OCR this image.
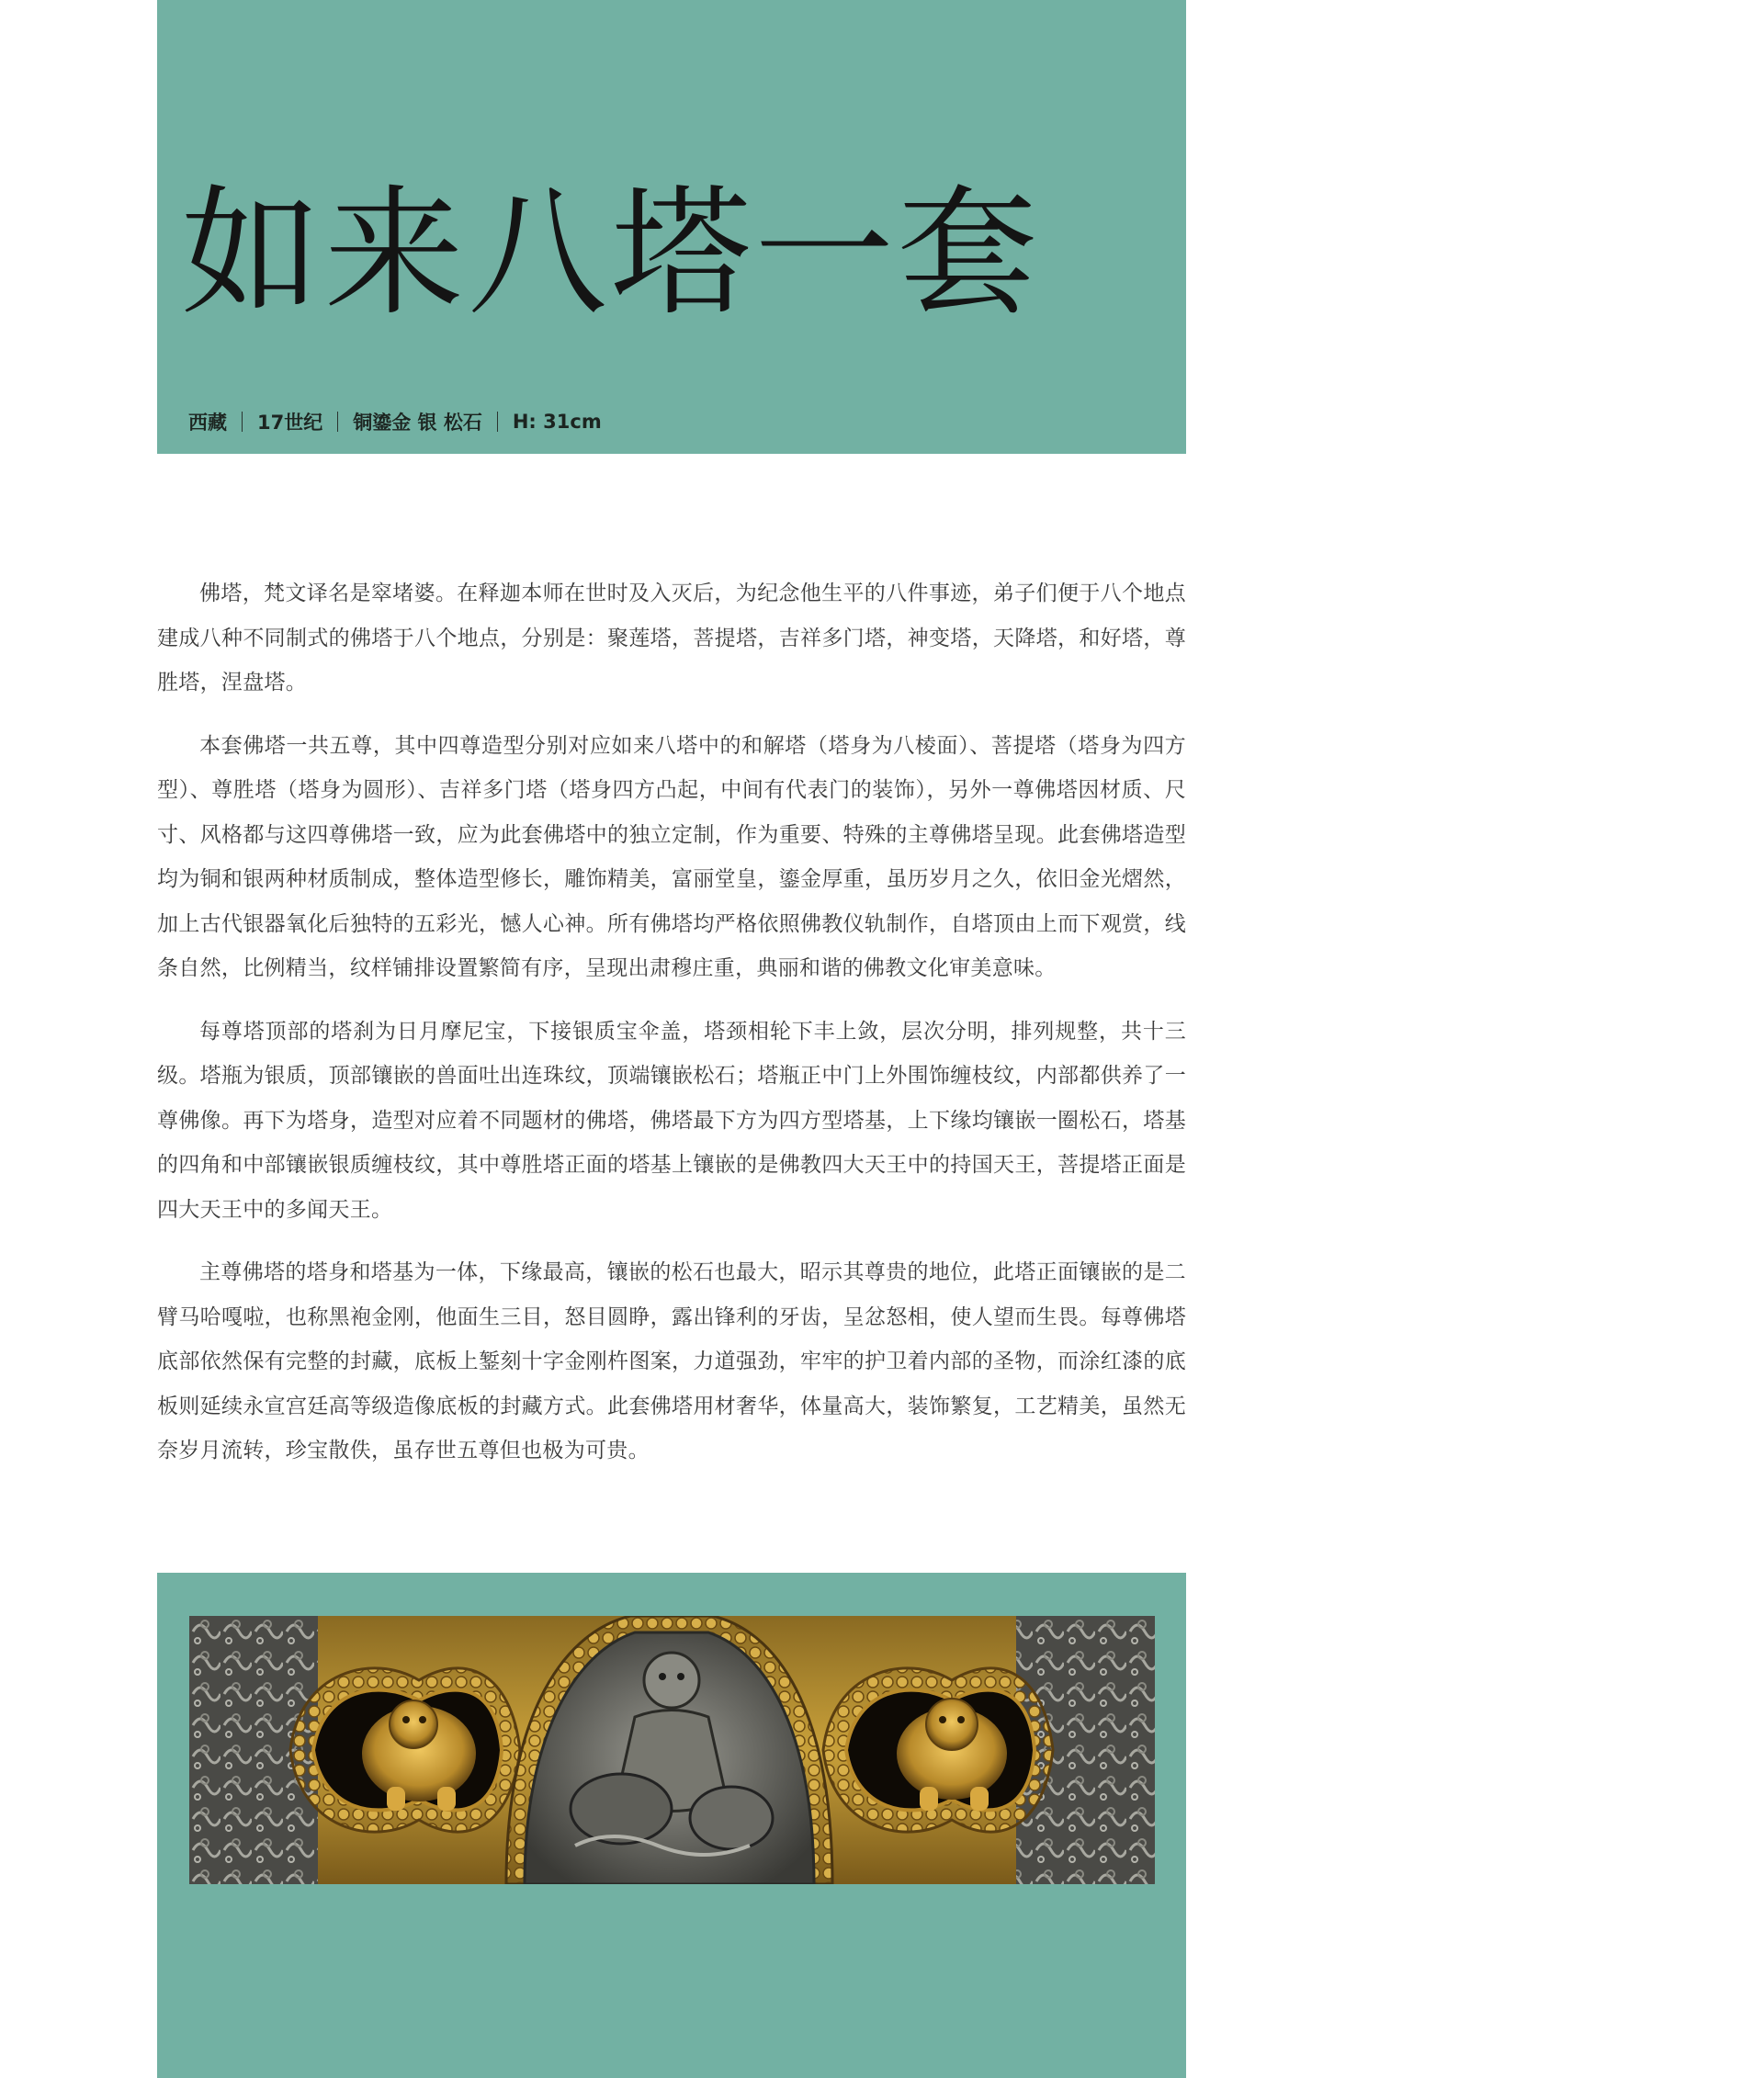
如来八塔一套
西藏 17世纪 铜鎏金 银 松石 H: 31cm

佛塔，梵文译名是窣堵婆。在释迦本师在世时及入灭后，为纪念他生平的八件事迹，弟子们便于八个地点建成八种不同制式的佛塔于八个地点，分别是：聚莲塔，菩提塔，吉祥多门塔，神变塔，天降塔，和好塔，尊胜塔，涅盘塔。

本套佛塔一共五尊，其中四尊造型分别对应如来八塔中的和解塔（塔身为八棱面）、菩提塔（塔身为四方型）、尊胜塔（塔身为圆形）、吉祥多门塔（塔身四方凸起，中间有代表门的装饰），另外一尊佛塔因材质、尺寸、风格都与这四尊佛塔一致，应为此套佛塔中的独立定制，作为重要、特殊的主尊佛塔呈现。此套佛塔造型均为铜和银两种材质制成，整体造型修长，雕饰精美，富丽堂皇，鎏金厚重，虽历岁月之久，依旧金光熠然，加上古代银器氧化后独特的五彩光，憾人心神。所有佛塔均严格依照佛教仪轨制作，自塔顶由上而下观赏，线条自然，比例精当，纹样铺排设置繁简有序，呈现出肃穆庄重，典丽和谐的佛教文化审美意味。

每尊塔顶部的塔刹为日月摩尼宝，下接银质宝伞盖，塔颈相轮下丰上敛，层次分明，排列规整，共十三级。塔瓶为银质，顶部镶嵌的兽面吐出连珠纹，顶端镶嵌松石；塔瓶正中门上外围饰缠枝纹，内部都供养了一尊佛像。再下为塔身，造型对应着不同题材的佛塔，佛塔最下方为四方型塔基，上下缘均镶嵌一圈松石，塔基的四角和中部镶嵌银质缠枝纹，其中尊胜塔正面的塔基上镶嵌的是佛教四大天王中的持国天王，菩提塔正面是四大天王中的多闻天王。

主尊佛塔的塔身和塔基为一体，下缘最高，镶嵌的松石也最大，昭示其尊贵的地位，此塔正面镶嵌的是二臂马哈嘎啦，也称黑袍金刚，他面生三目，怒目圆睁，露出锋利的牙齿，呈忿怒相，使人望而生畏。每尊佛塔底部依然保有完整的封藏，底板上錾刻十字金刚杵图案，力道强劲，牢牢的护卫着内部的圣物，而涂红漆的底板则延续永宣宫廷高等级造像底板的封藏方式。此套佛塔用材奢华，体量高大，装饰繁复，工艺精美，虽然无奈岁月流转，珍宝散佚，虽存世五尊但也极为可贵。
